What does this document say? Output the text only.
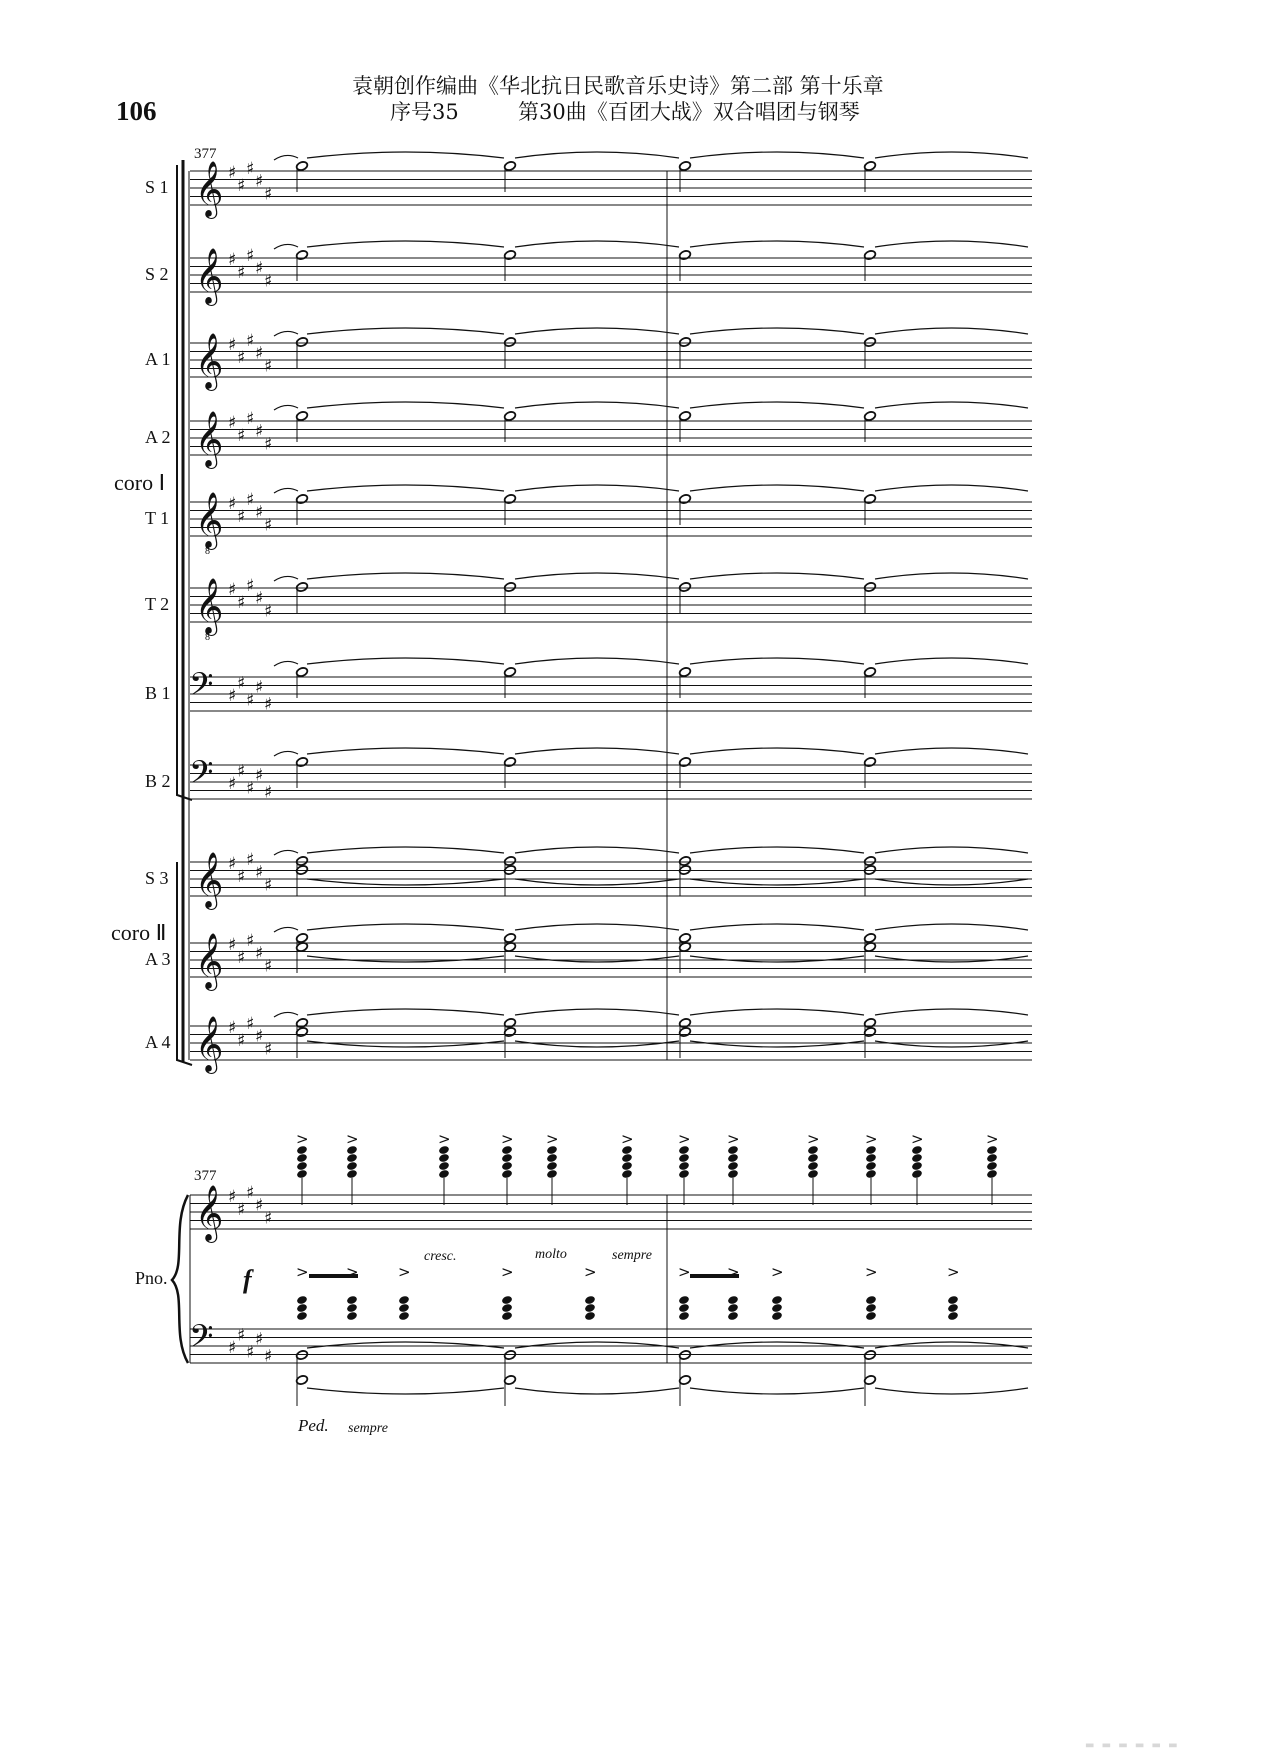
106
袁朝创作编曲《华北抗日民歌音乐史诗》第二部 第十乐章
序号35	第30曲《百团大战》双合唱团与钢琴
𝄞 ♯
♯
♯
♯
♯
S 1
𝄞 ♯
♯
♯
♯
♯
S 2
𝄞 ♯
♯
♯
♯
♯
A 1
𝄞 ♯
♯
♯
♯
♯
A 2
𝄞
8
♯
♯
♯
♯
♯
T 1
𝄞
8
♯
♯
♯
♯
♯
T 2
𝄢 ♯
♯
♯
♯
♯
B 1
𝄢 ♯
♯
♯
♯
♯
B 2
𝄞 ♯
♯
♯
♯
♯
S 3
𝄞 ♯
♯
♯
♯
♯
A 3
𝄞 ♯
♯
♯
♯
♯
A 4
𝄞
𝄢
♯
♯
♯
♯
♯
♯
♯
♯
♯
♯
> >	>	> >	>	> >	>	> >	>
> >	>	>	>	> > >	>	>
377
377
coro Ⅰ
coro Ⅱ
Pno.	f
cresc.	molto	sempre
Ped. sempre
▬ ▬ ▬ ▬ ▬ ▬
